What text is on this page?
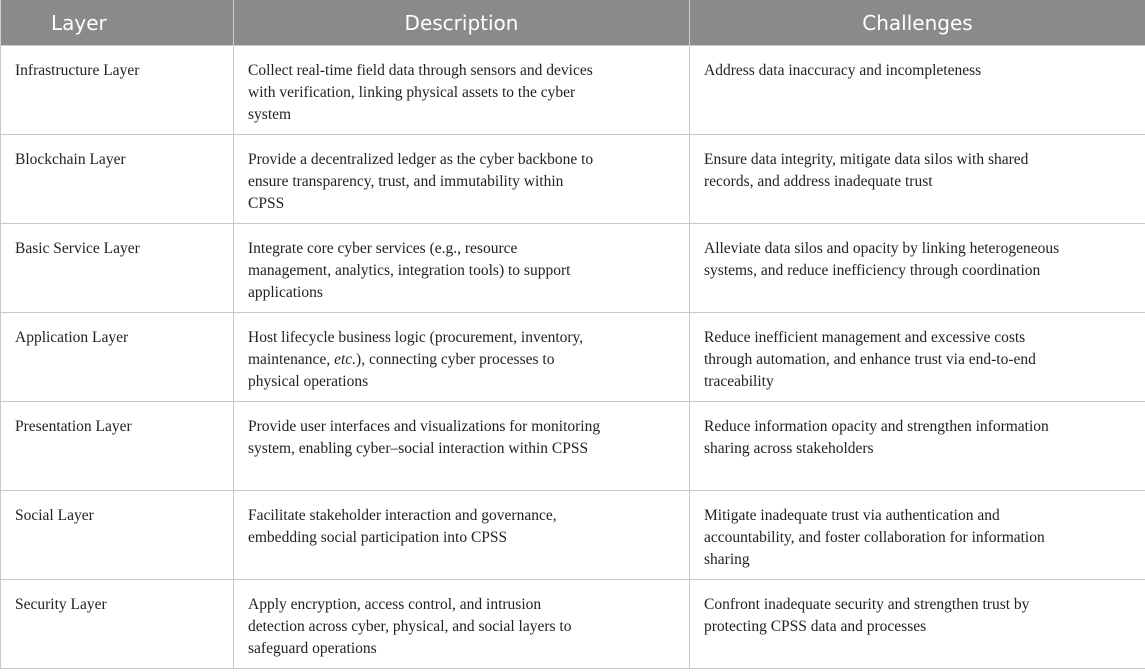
Layer	Description	Challenges
Infrastructure Layer	Collect real-time field data through sensors and devices with verification, linking physical assets to the cyber system	Address data inaccuracy and incompleteness
Blockchain Layer	Provide a decentralized ledger as the cyber backbone to ensure transparency, trust, and immutability within CPSS	Ensure data integrity, mitigate data silos with shared records, and address inadequate trust
Basic Service Layer	Integrate core cyber services (e.g., resource management, analytics, integration tools) to support applications	Alleviate data silos and opacity by linking heterogeneous systems, and reduce inefficiency through coordination
Application Layer	Host lifecycle business logic (procurement, inventory, maintenance, etc.), connecting cyber processes to physical operations	Reduce inefficient management and excessive costs through automation, and enhance trust via end-to-end traceability
Presentation Layer	Provide user interfaces and visualizations for monitoring system, enabling cyber–social interaction within CPSS	Reduce information opacity and strengthen information sharing across stakeholders
Social Layer	Facilitate stakeholder interaction and governance, embedding social participation into CPSS	Mitigate inadequate trust via authentication and accountability, and foster collaboration for information sharing
Security Layer	Apply encryption, access control, and intrusion detection across cyber, physical, and social layers to safeguard operations	Confront inadequate security and strengthen trust by protecting CPSS data and processes
